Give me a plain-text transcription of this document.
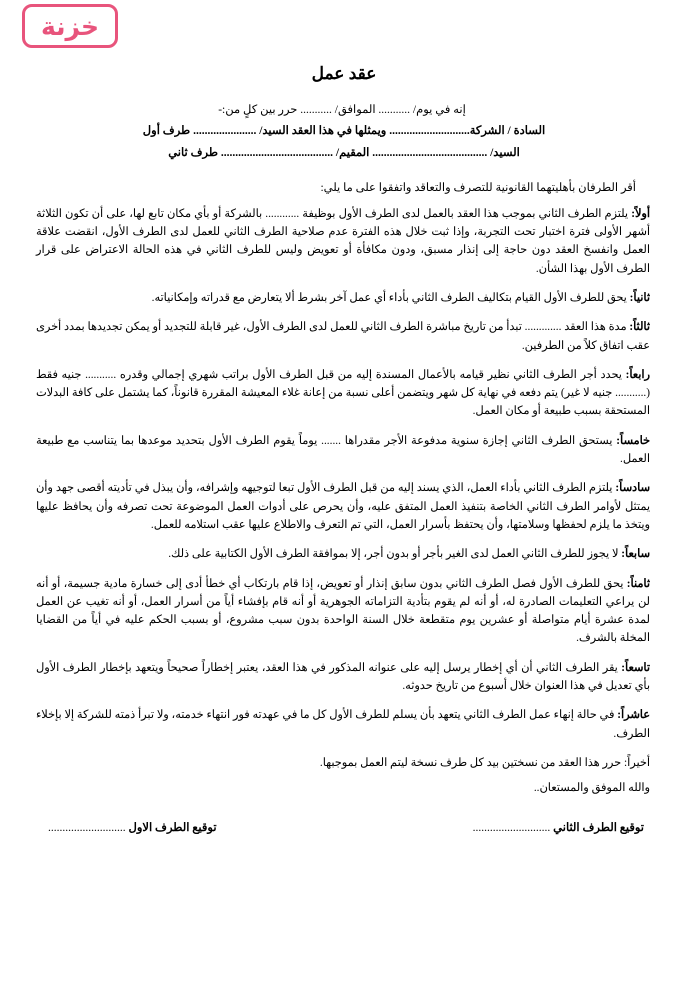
خزنة
عقد عمل
إنه في يوم/ ........... الموافق/ ........... حرر بين كلٍ من:-
السادة / الشركة............................ ويمثلها في هذا العقد السيد/ ...................... طرف أول
السيد/ ........................................ المقيم/ ....................................... طرف ثاني
أقر الطرفان بأهليتهما القانونية للتصرف والتعاقد واتفقوا على ما يلي:

أولاً: يلتزم الطرف الثاني بموجب هذا العقد بالعمل لدى الطرف الأول بوظيفة ............ بالشركة أو بأي مكان تابع لها، على أن تكون الثلاثة أشهر الأولى فترة اختبار تحت التجربة، وإذا ثبت خلال هذه الفترة عدم صلاحية الطرف الثاني للعمل لدى الطرف الأول، انقضت علاقة العمل وانفسخ العقد دون حاجة إلى إنذار مسبق، ودون مكافأة أو تعويض وليس للطرف الثاني في هذه الحالة الاعتراض على قرار الطرف الأول بهذا الشأن.

ثانياً: يحق للطرف الأول القيام بتكاليف الطرف الثاني بأداء أي عمل آخر بشرط ألا يتعارض مع قدراته وإمكانياته.

ثالثاً: مدة هذا العقد ............. تبدأ من تاريخ مباشرة الطرف الثاني للعمل لدى الطرف الأول، غير قابلة للتجديد أو يمكن تجديدها بمدد أخرى عقب اتفاق كلاً من الطرفين.

رابعاً: يحدد أجر الطرف الثاني نظير قيامه بالأعمال المسندة إليه من قبل الطرف الأول براتب شهري إجمالي وقدره ........... جنيه فقط (........... جنيه لا غير) يتم دفعه في نهاية كل شهر ويتضمن أعلى نسبة من إعانة غلاء المعيشة المقررة قانوناً، كما يشتمل على كافة البدلات المستحقة بسبب طبيعة أو مكان العمل.

خامساً: يستحق الطرف الثاني إجازة سنوية مدفوعة الأجر مقدراها ....... يوماً يقوم الطرف الأول بتحديد موعدها بما يتناسب مع طبيعة العمل.

سادساً: يلتزم الطرف الثاني بأداء العمل، الذي يسند إليه من قبل الطرف الأول تبعا لتوجيهه وإشرافه، وأن يبذل في تأديته أقصى جهد وأن يمتثل لأوامر الطرف الثاني الخاصة بتنفيذ العمل المتفق عليه، وأن يحرص على أدوات العمل الموضوعة تحت تصرفه وأن يحافظ عليها ويتخذ ما يلزم لحفظها وسلامتها، وأن يحتفظ بأسرار العمل، التي تم التعرف والاطلاع عليها عقب استلامه للعمل.

سابعاً: لا يجوز للطرف الثاني العمل لدى الغير بأجر أو بدون أجر، إلا بموافقة الطرف الأول الكتابية على ذلك.

ثامناً: يحق للطرف الأول فصل الطرف الثاني بدون سابق إنذار أو تعويض، إذا قام بارتكاب أي خطأ أدى إلى خسارة مادية جسيمة، أو أنه لن يراعي التعليمات الصادرة له، أو أنه لم يقوم بتأدية التزاماته الجوهرية أو أنه قام بإفشاء أياً من أسرار العمل، أو أنه تغيب عن العمل لمدة عشرة أيام متواصلة أو عشرين يوم متقطعة خلال السنة الواحدة بدون سبب مشروع، أو بسبب الحكم عليه في أياً من القضايا المخلة بالشرف.

تاسعاً: يقر الطرف الثاني أن أي إخطار يرسل إليه على عنوانه المذكور في هذا العقد، يعتبر إخطاراً صحيحاً ويتعهد بإخطار الطرف الأول بأي تعديل في هذا العنوان خلال أسبوع من تاريخ حدوثه.

عاشراً: في حالة إنهاء عمل الطرف الثاني يتعهد بأن يسلم للطرف الأول كل ما في عهدته فور انتهاء خدمته، ولا تبرأ ذمته للشركة إلا بإخلاء الطرف.

أخيراً: حرر هذا العقد من نسختين بيد كل طرف نسخة ليتم العمل بموجبها.

والله الموفق والمستعان..

توقيع الطرف الثاني ...........................
توقيع الطرف الاول ...........................
